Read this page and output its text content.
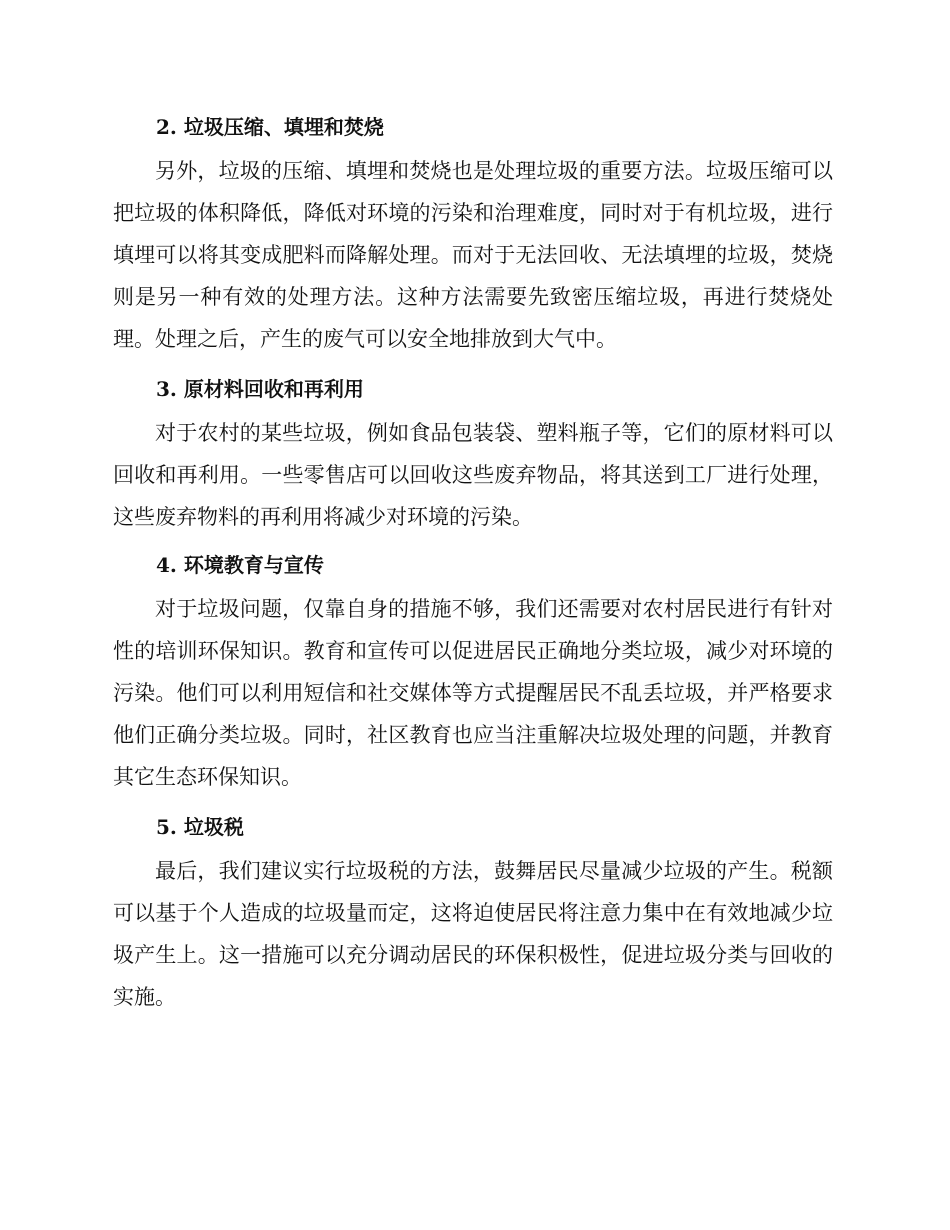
2. 垃圾压缩、填埋和焚烧

另外，垃圾的压缩、填埋和焚烧也是处理垃圾的重要方法。垃圾压缩可以把垃圾的体积降低，降低对环境的污染和治理难度，同时对于有机垃圾，进行填埋可以将其变成肥料而降解处理。而对于无法回收、无法填埋的垃圾，焚烧则是另一种有效的处理方法。这种方法需要先致密压缩垃圾，再进行焚烧处理。处理之后，产生的废气可以安全地排放到大气中。

3. 原材料回收和再利用

对于农村的某些垃圾，例如食品包装袋、塑料瓶子等，它们的原材料可以回收和再利用。一些零售店可以回收这些废弃物品，将其送到工厂进行处理，这些废弃物料的再利用将减少对环境的污染。

4. 环境教育与宣传

对于垃圾问题，仅靠自身的措施不够，我们还需要对农村居民进行有针对性的培训环保知识。教育和宣传可以促进居民正确地分类垃圾，减少对环境的污染。他们可以利用短信和社交媒体等方式提醒居民不乱丢垃圾，并严格要求他们正确分类垃圾。同时，社区教育也应当注重解决垃圾处理的问题，并教育其它生态环保知识。

5. 垃圾税

最后，我们建议实行垃圾税的方法，鼓舞居民尽量减少垃圾的产生。税额可以基于个人造成的垃圾量而定，这将迫使居民将注意力集中在有效地减少垃圾产生上。这一措施可以充分调动居民的环保积极性，促进垃圾分类与回收的实施。
